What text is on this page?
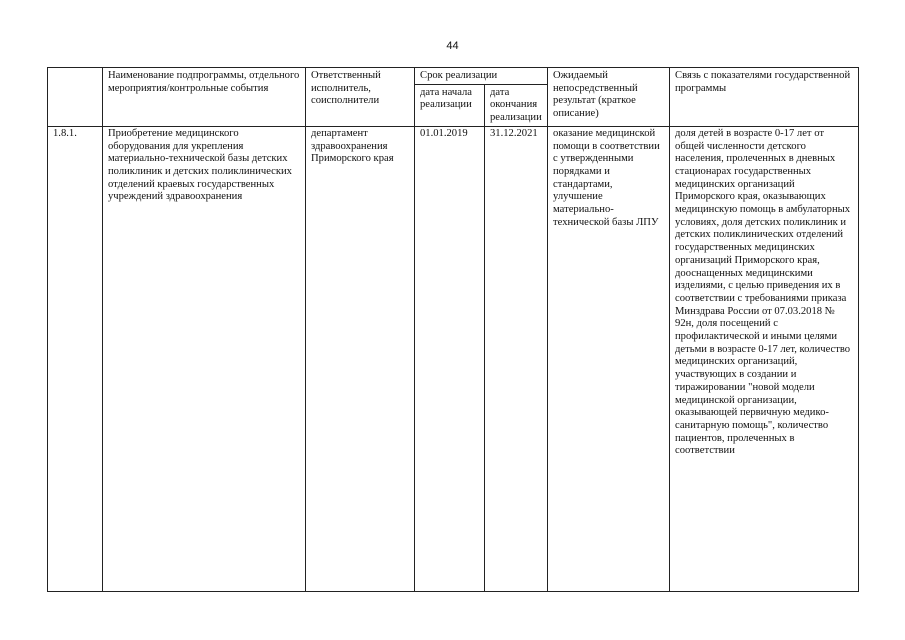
44
	Наименование подпрограммы, отдельного мероприятия/контрольные события	Ответственный исполнитель, соисполнители	Срок реализации		Ожидаемый непосредственный результат (краткое описание)	Связь с показателями государственной программы
			дата начала реализации	дата окончания реализации		
1.8.1.	Приобретение медицинского оборудования для укрепления материально-технической базы детских поликлиник и детских поликлинических отделений краевых государственных учреждений здравоохранения	департамент здравоохранения Приморского края	01.01.2019	31.12.2021	оказание медицинской помощи в соответствии с утвержденными порядками и стандартами, улучшение материально-технической базы ЛПУ	доля детей в возрасте 0-17 лет от общей численности детского населения, пролеченных в дневных стационарах государственных медицинских организаций Приморского края, оказывающих медицинскую помощь в амбулаторных условиях, доля детских поликлиник и детских поликлинических отделений государственных медицинских организаций Приморского края, дооснащенных медицинскими изделиями, с целью приведения их в соответствии с требованиями приказа Минздрава России от 07.03.2018 № 92н, доля посещений с профилактической и иными целями детьми в возрасте 0-17 лет, количество медицинских организаций, участвующих в создании и тиражировании "новой модели медицинской организации, оказывающей первичную медико-санитарную помощь", количество пациентов, пролеченных в соответствии
